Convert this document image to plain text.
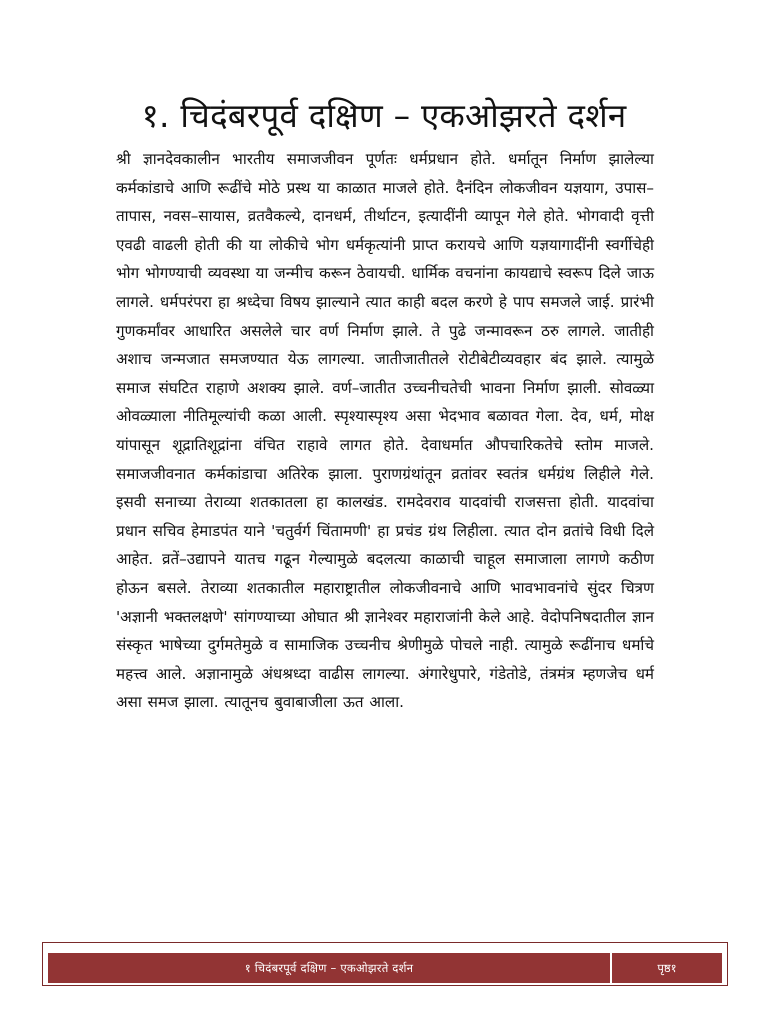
१. चिदंबरपूर्व दक्षिण – एकओझरते दर्शन

श्री ज्ञानदेवकालीन भारतीय समाजजीवन पूर्णतः धर्मप्रधान होते. धर्मातून निर्माण झालेल्या कर्मकांडाचे आणि रूढींचे मोठे प्रस्थ या काळात माजले होते. दैनंदिन लोकजीवन यज्ञयाग, उपास–तापास, नवस–सायास, व्रतवैकल्ये, दानधर्म, तीर्थाटन, इत्यादींनी व्यापून गेले होते. भोगवादी वृत्ती एवढी वाढली होती की या लोकीचे भोग धर्मकृत्यांनी प्राप्त करायचे आणि यज्ञयागादींनी स्वर्गीचेही भोग भोगण्याची व्यवस्था या जन्मीच करून ठेवायची. धार्मिक वचनांना कायद्याचे स्वरूप दिले जाऊ लागले. धर्मपरंपरा हा श्रध्देचा विषय झाल्याने त्यात काही बदल करणे हे पाप समजले जाई. प्रारंभी गुणकर्मांवर आधारित असलेले चार वर्ण निर्माण झाले. ते पुढे जन्मावरून ठरु लागले. जातीही अशाच जन्मजात समजण्यात येऊ लागल्या. जातीजातीतले रोटीबेटीव्यवहार बंद झाले. त्यामुळे समाज संघटित राहाणे अशक्य झाले. वर्ण–जातीत उच्चनीचतेची भावना निर्माण झाली. सोवळ्या ओवळ्याला नीतिमूल्यांची कळा आली. स्पृश्यास्पृश्य असा भेदभाव बळावत गेला. देव, धर्म, मोक्ष यांपासून शूद्रातिशूद्रांना वंचित राहावे लागत होते. देवाधर्मात औपचारिकतेचे स्तोम माजले. समाजजीवनात कर्मकांडाचा अतिरेक झाला. पुराणग्रंथांतून व्रतांवर स्वतंत्र धर्मग्रंथ लिहीले गेले. इसवी सनाच्या तेराव्या शतकातला हा कालखंड. रामदेवराव यादवांची राजसत्ता होती. यादवांचा प्रधान सचिव हेमाडपंत याने 'चतुर्वर्ग चिंतामणी' हा प्रचंड ग्रंथ लिहीला. त्यात दोन व्रतांचे विधी दिले आहेत. व्रतें–उद्यापने यातच गढून गेल्यामुळे बदलत्या काळाची चाहूल समाजाला लागणे कठीण होऊन बसले. तेराव्या शतकातील महाराष्ट्रातील लोकजीवनाचे आणि भावभावनांचे सुंदर चित्रण 'अज्ञानी भक्तलक्षणे' सांगण्याच्या ओघात श्री ज्ञानेश्वर महाराजांनी केले आहे. वेदोपनिषदातील ज्ञान संस्कृत भाषेच्या दुर्गमतेमुळे व सामाजिक उच्चनीच श्रेणीमुळे पोचले नाही. त्यामुळे रूढींनाच धर्माचे महत्त्व आले. अज्ञानामुळे अंधश्रध्दा वाढीस लागल्या. अंगारेधुपारे, गंडेतोडे, तंत्रमंत्र म्हणजेच धर्म असा समज झाला. त्यातूनच बुवाबाजीला ऊत आला.

१ चिदंबरपूर्व दक्षिण – एकओझरते दर्शन	पृष्ठ१
